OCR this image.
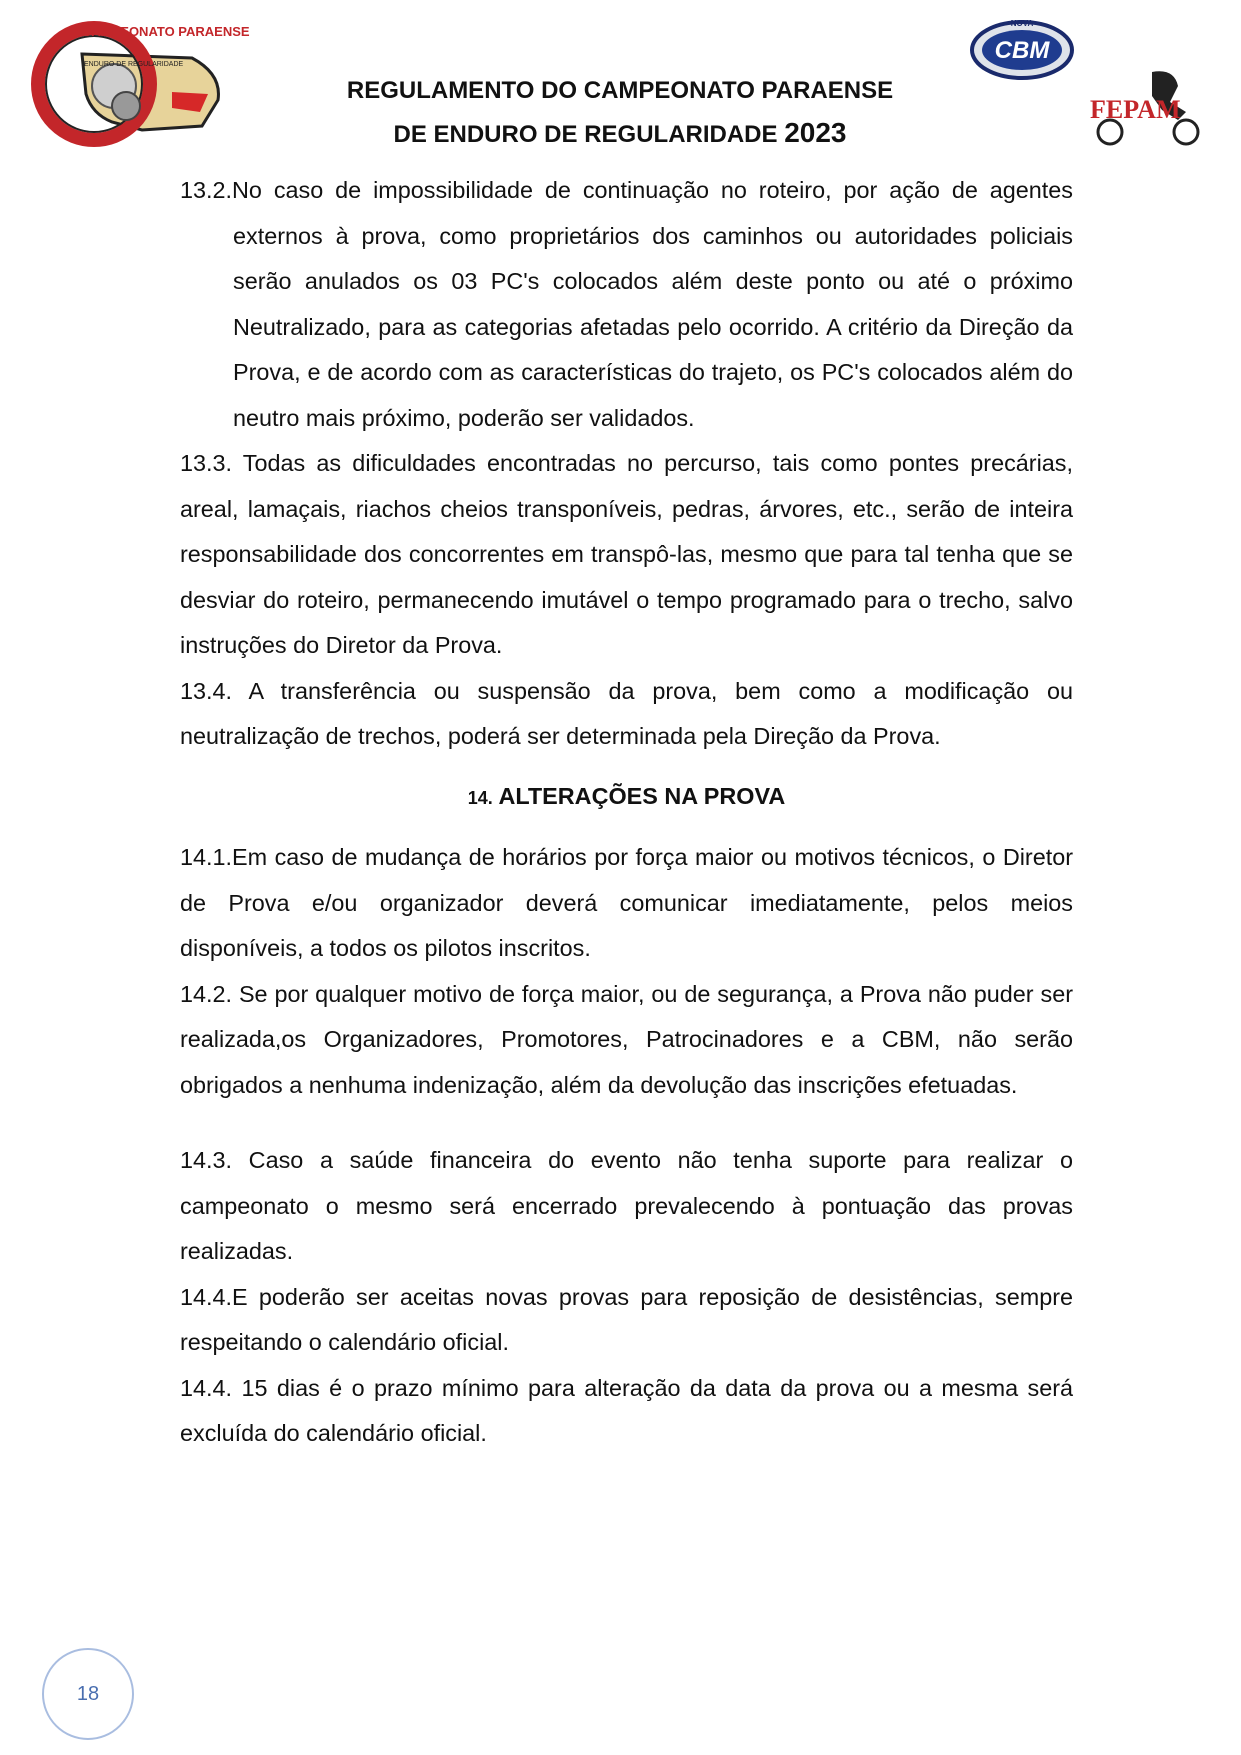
CAMPEONATO PARAENSE
ENDURO DE REGULARIDADE
NOVA
CBM
FEPAM
REGULAMENTO DO CAMPEONATO PARAENSE
DE ENDURO DE REGULARIDADE 2023

13.2.No caso de impossibilidade de continuação no roteiro, por ação de agentes externos à prova, como proprietários dos caminhos ou autoridades policiais serão anulados os 03 PC's colocados além deste ponto ou até o próximo Neutralizado, para as categorias afetadas pelo ocorrido. A critério da Direção da Prova, e de acordo com as características do trajeto, os PC's colocados além do neutro mais próximo, poderão ser validados.

13.3. Todas as dificuldades encontradas no percurso, tais como pontes precárias, areal, lamaçais, riachos cheios transponíveis, pedras, árvores, etc., serão de inteira responsabilidade dos concorrentes em transpô-las, mesmo que para tal tenha que se desviar do roteiro, permanecendo imutável o tempo programado para o trecho, salvo instruções do Diretor da Prova.

13.4. A transferência ou suspensão da prova, bem como a modificação ou neutralização de trechos, poderá ser determinada pela Direção da Prova.

14. ALTERAÇÕES NA PROVA

14.1.Em caso de mudança de horários por força maior ou motivos técnicos, o Diretor de Prova e/ou organizador deverá comunicar imediatamente, pelos meios disponíveis, a todos os pilotos inscritos.

14.2. Se por qualquer motivo de força maior, ou de segurança, a Prova não puder ser realizada,os Organizadores, Promotores, Patrocinadores e a CBM, não serão obrigados a nenhuma indenização, além da devolução das inscrições efetuadas.

14.3. Caso a saúde financeira do evento não tenha suporte para realizar o campeonato o mesmo será encerrado prevalecendo à pontuação das provas realizadas.

14.4.E poderão ser aceitas novas provas para reposição de desistências, sempre respeitando o calendário oficial.

14.4. 15 dias é o prazo mínimo para alteração da data da prova ou a mesma será excluída do calendário oficial.

18
